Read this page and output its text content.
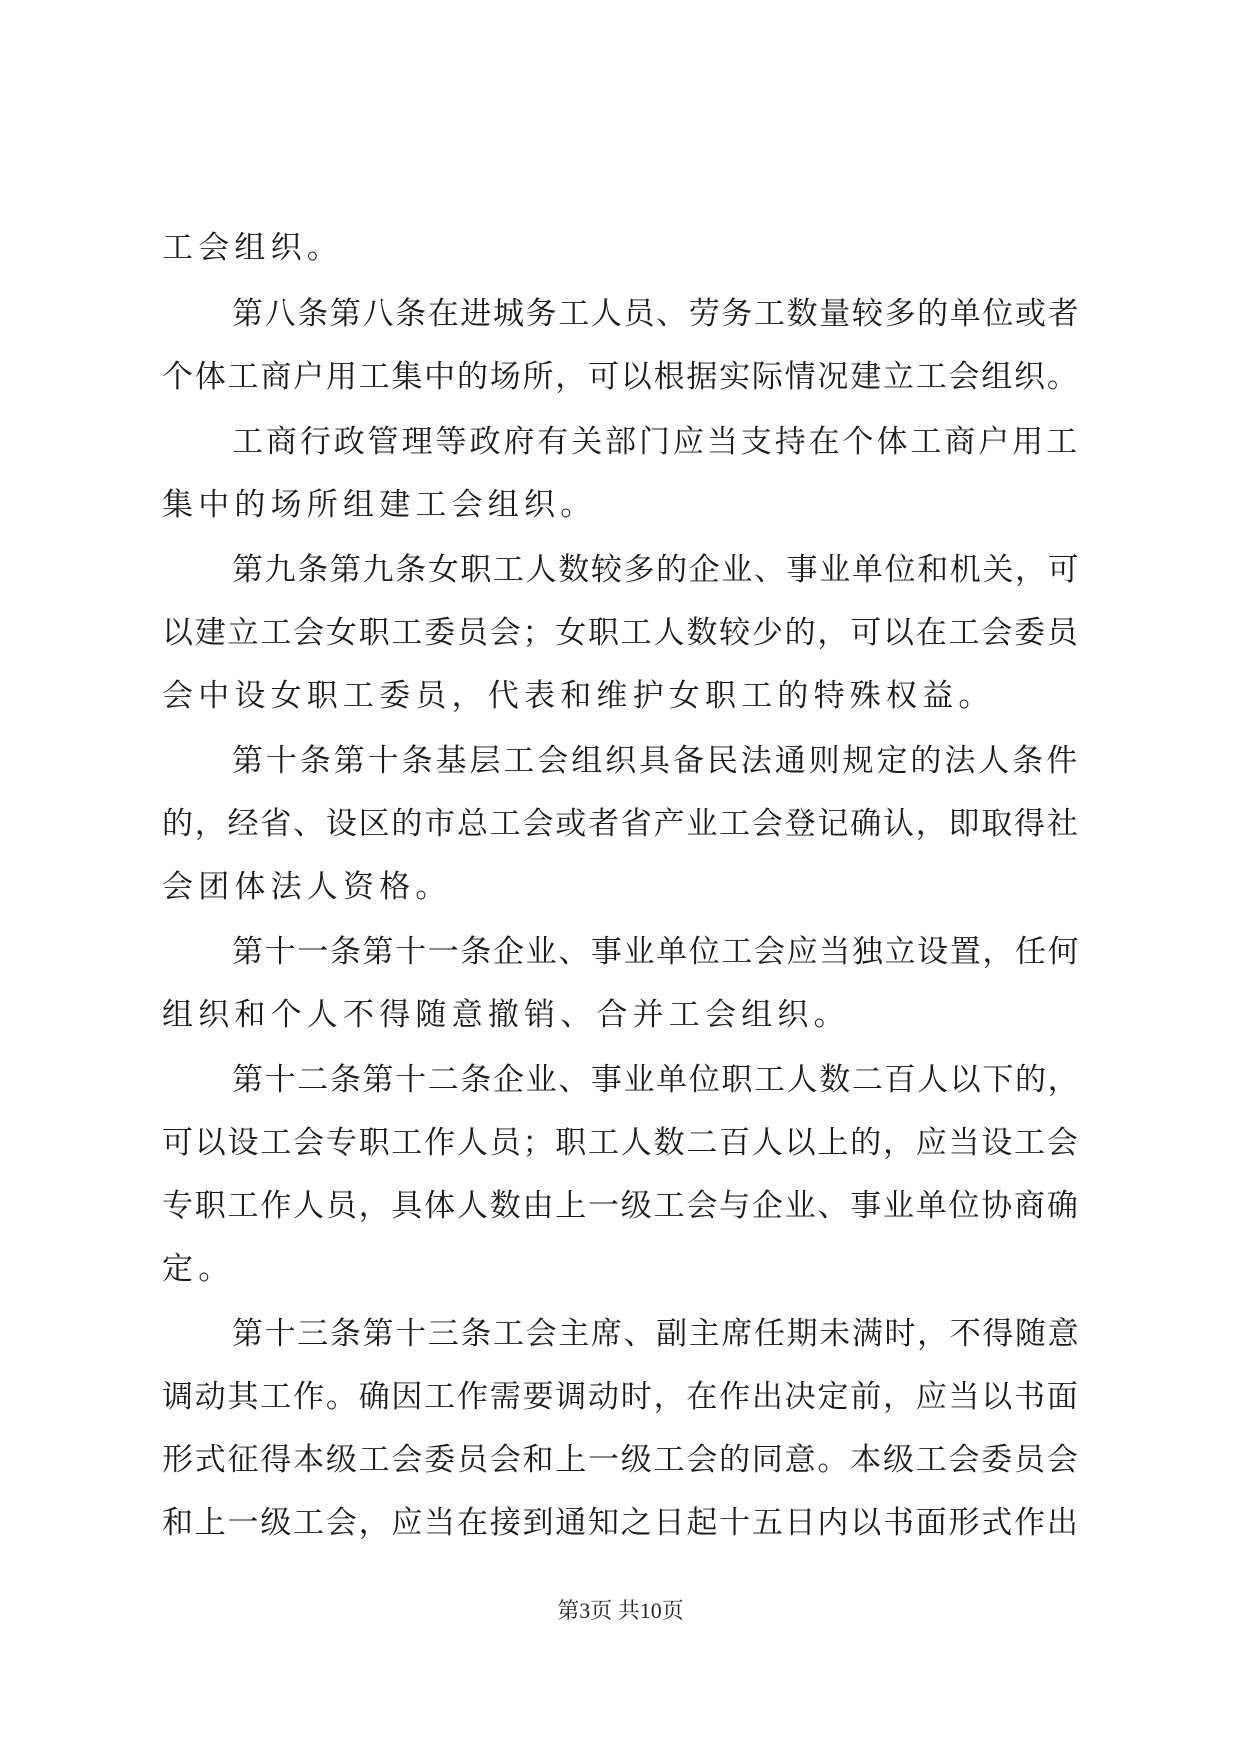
工会组织。
第八条第八条在进城务工人员、劳务工数量较多的单位或者
个体工商户用工集中的场所，可以根据实际情况建立工会组织。
工商行政管理等政府有关部门应当支持在个体工商户用工
集中的场所组建工会组织。
第九条第九条女职工人数较多的企业、事业单位和机关，可
以建立工会女职工委员会；女职工人数较少的，可以在工会委员
会中设女职工委员，代表和维护女职工的特殊权益。
第十条第十条基层工会组织具备民法通则规定的法人条件
的，经省、设区的市总工会或者省产业工会登记确认，即取得社
会团体法人资格。
第十一条第十一条企业、事业单位工会应当独立设置，任何
组织和个人不得随意撤销、合并工会组织。
第十二条第十二条企业、事业单位职工人数二百人以下的，
可以设工会专职工作人员；职工人数二百人以上的，应当设工会
专职工作人员，具体人数由上一级工会与企业、事业单位协商确
定。
第十三条第十三条工会主席、副主席任期未满时，不得随意
调动其工作。确因工作需要调动时，在作出决定前，应当以书面
形式征得本级工会委员会和上一级工会的同意。本级工会委员会
和上一级工会，应当在接到通知之日起十五日内以书面形式作出
第3页 共10页
